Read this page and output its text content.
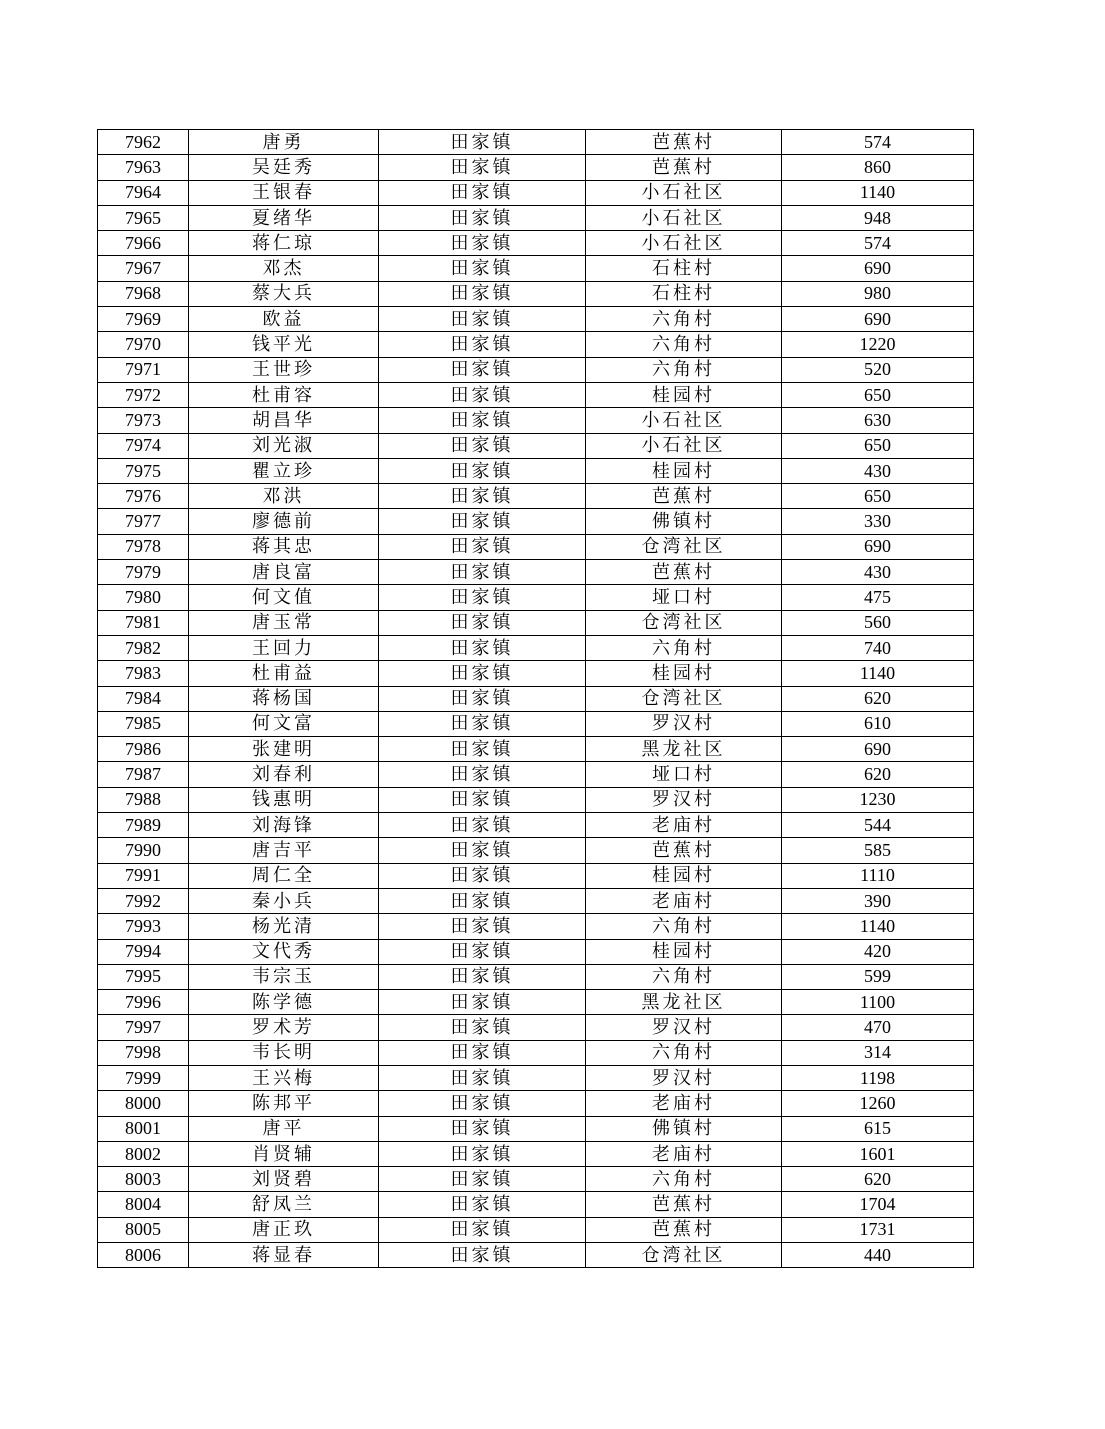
7962	唐勇	田家镇	芭蕉村	574
7963	吴廷秀	田家镇	芭蕉村	860
7964	王银春	田家镇	小石社区	1140
7965	夏绪华	田家镇	小石社区	948
7966	蒋仁琼	田家镇	小石社区	574
7967	邓杰	田家镇	石柱村	690
7968	蔡大兵	田家镇	石柱村	980
7969	欧益	田家镇	六角村	690
7970	钱平光	田家镇	六角村	1220
7971	王世珍	田家镇	六角村	520
7972	杜甫容	田家镇	桂园村	650
7973	胡昌华	田家镇	小石社区	630
7974	刘光淑	田家镇	小石社区	650
7975	瞿立珍	田家镇	桂园村	430
7976	邓洪	田家镇	芭蕉村	650
7977	廖德前	田家镇	佛镇村	330
7978	蒋其忠	田家镇	仓湾社区	690
7979	唐良富	田家镇	芭蕉村	430
7980	何文值	田家镇	垭口村	475
7981	唐玉常	田家镇	仓湾社区	560
7982	王回力	田家镇	六角村	740
7983	杜甫益	田家镇	桂园村	1140
7984	蒋杨国	田家镇	仓湾社区	620
7985	何文富	田家镇	罗汉村	610
7986	张建明	田家镇	黑龙社区	690
7987	刘春利	田家镇	垭口村	620
7988	钱惠明	田家镇	罗汉村	1230
7989	刘海锋	田家镇	老庙村	544
7990	唐吉平	田家镇	芭蕉村	585
7991	周仁全	田家镇	桂园村	1110
7992	秦小兵	田家镇	老庙村	390
7993	杨光清	田家镇	六角村	1140
7994	文代秀	田家镇	桂园村	420
7995	韦宗玉	田家镇	六角村	599
7996	陈学德	田家镇	黑龙社区	1100
7997	罗术芳	田家镇	罗汉村	470
7998	韦长明	田家镇	六角村	314
7999	王兴梅	田家镇	罗汉村	1198
8000	陈邦平	田家镇	老庙村	1260
8001	唐平	田家镇	佛镇村	615
8002	肖贤辅	田家镇	老庙村	1601
8003	刘贤碧	田家镇	六角村	620
8004	舒凤兰	田家镇	芭蕉村	1704
8005	唐正玖	田家镇	芭蕉村	1731
8006	蒋显春	田家镇	仓湾社区	440
